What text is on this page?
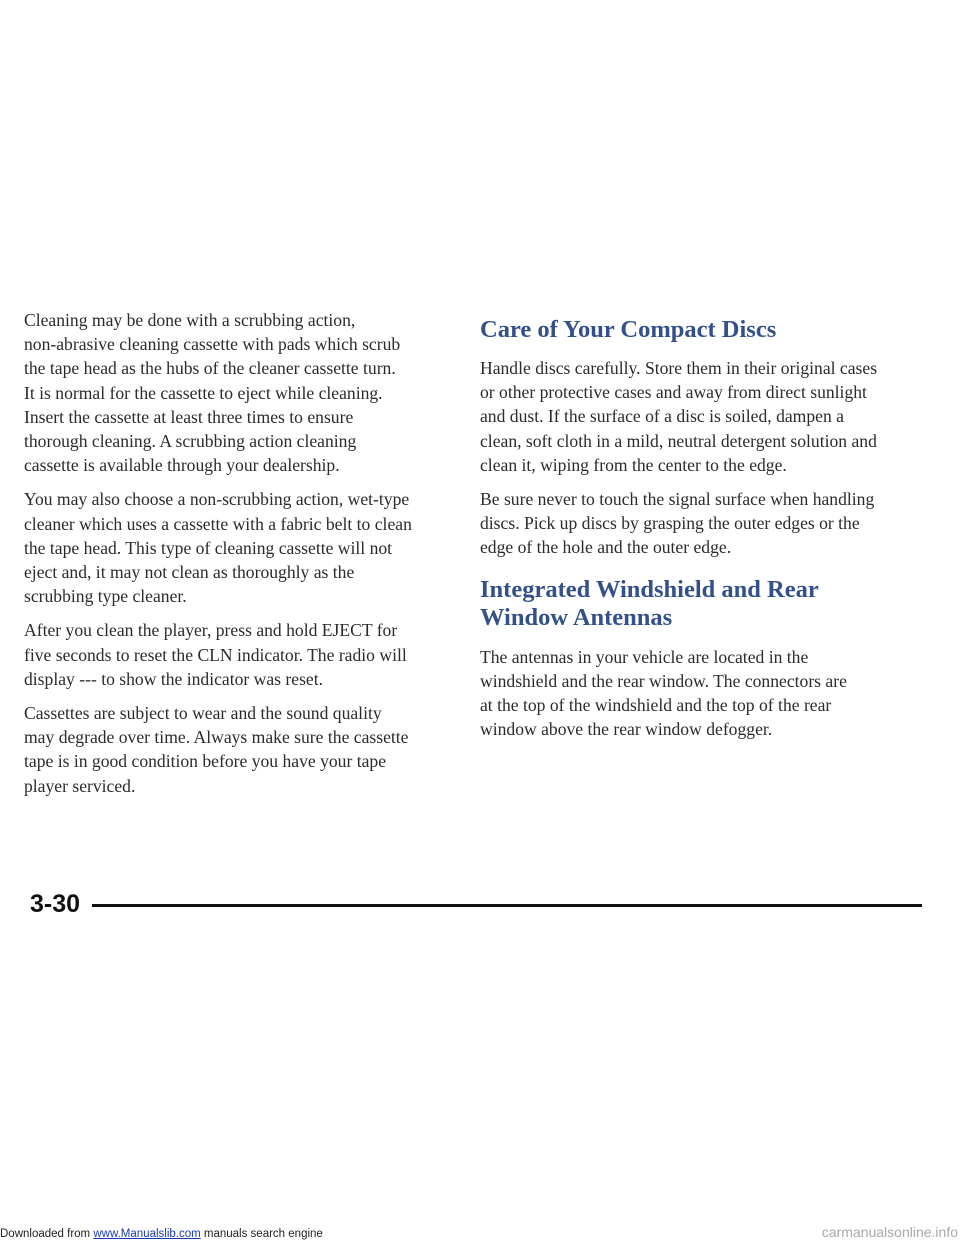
Cleaning may be done with a scrubbing action,
non-abrasive cleaning cassette with pads which scrub
the tape head as the hubs of the cleaner cassette turn.
It is normal for the cassette to eject while cleaning.
Insert the cassette at least three times to ensure
thorough cleaning. A scrubbing action cleaning
cassette is available through your dealership.

You may also choose a non-scrubbing action, wet-type
cleaner which uses a cassette with a fabric belt to clean
the tape head. This type of cleaning cassette will not
eject and, it may not clean as thoroughly as the
scrubbing type cleaner.

After you clean the player, press and hold EJECT for
five seconds to reset the CLN indicator. The radio will
display --- to show the indicator was reset.

Cassettes are subject to wear and the sound quality
may degrade over time. Always make sure the cassette
tape is in good condition before you have your tape
player serviced.

Care of Your Compact Discs

Handle discs carefully. Store them in their original cases
or other protective cases and away from direct sunlight
and dust. If the surface of a disc is soiled, dampen a
clean, soft cloth in a mild, neutral detergent solution and
clean it, wiping from the center to the edge.

Be sure never to touch the signal surface when handling
discs. Pick up discs by grasping the outer edges or the
edge of the hole and the outer edge.

Integrated Windshield and Rear
Window Antennas

The antennas in your vehicle are located in the
windshield and the rear window. The connectors are
at the top of the windshield and the top of the rear
window above the rear window defogger.

3-30
Downloaded from www.Manualslib.com manuals search engine	carmanualsonline.info
